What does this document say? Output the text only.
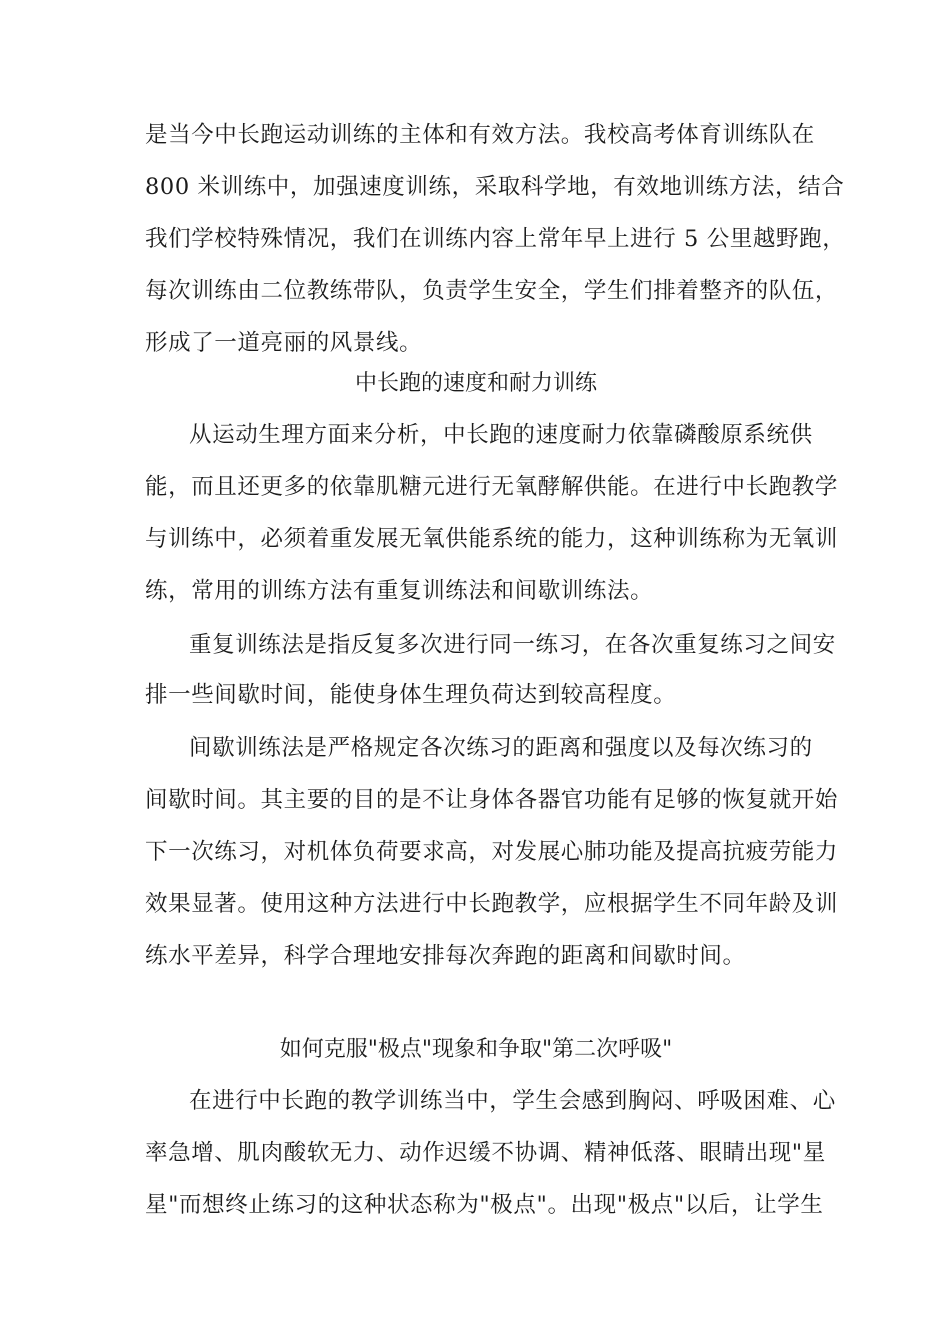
是当今中长跑运动训练的主体和有效方法。我校高考体育训练队在
800 米训练中，加强速度训练，采取科学地，有效地训练方法，结合
我们学校特殊情况，我们在训练内容上常年早上进行 5 公里越野跑，
每次训练由二位教练带队，负责学生安全，学生们排着整齐的队伍，
形成了一道亮丽的风景线。
中长跑的速度和耐力训练
从运动生理方面来分析，中长跑的速度耐力依靠磷酸原系统供
能，而且还更多的依靠肌糖元进行无氧酵解供能。在进行中长跑教学
与训练中，必须着重发展无氧供能系统的能力，这种训练称为无氧训
练，常用的训练方法有重复训练法和间歇训练法。
重复训练法是指反复多次进行同一练习，在各次重复练习之间安
排一些间歇时间，能使身体生理负荷达到较高程度。
间歇训练法是严格规定各次练习的距离和强度以及每次练习的
间歇时间。其主要的目的是不让身体各器官功能有足够的恢复就开始
下一次练习，对机体负荷要求高，对发展心肺功能及提高抗疲劳能力
效果显著。使用这种方法进行中长跑教学，应根据学生不同年龄及训
练水平差异，科学合理地安排每次奔跑的距离和间歇时间。
如何克服"极点"现象和争取"第二次呼吸"
在进行中长跑的教学训练当中，学生会感到胸闷、呼吸困难、心
率急增、肌肉酸软无力、动作迟缓不协调、精神低落、眼睛出现"星
星"而想终止练习的这种状态称为"极点"。出现"极点"以后，让学生
